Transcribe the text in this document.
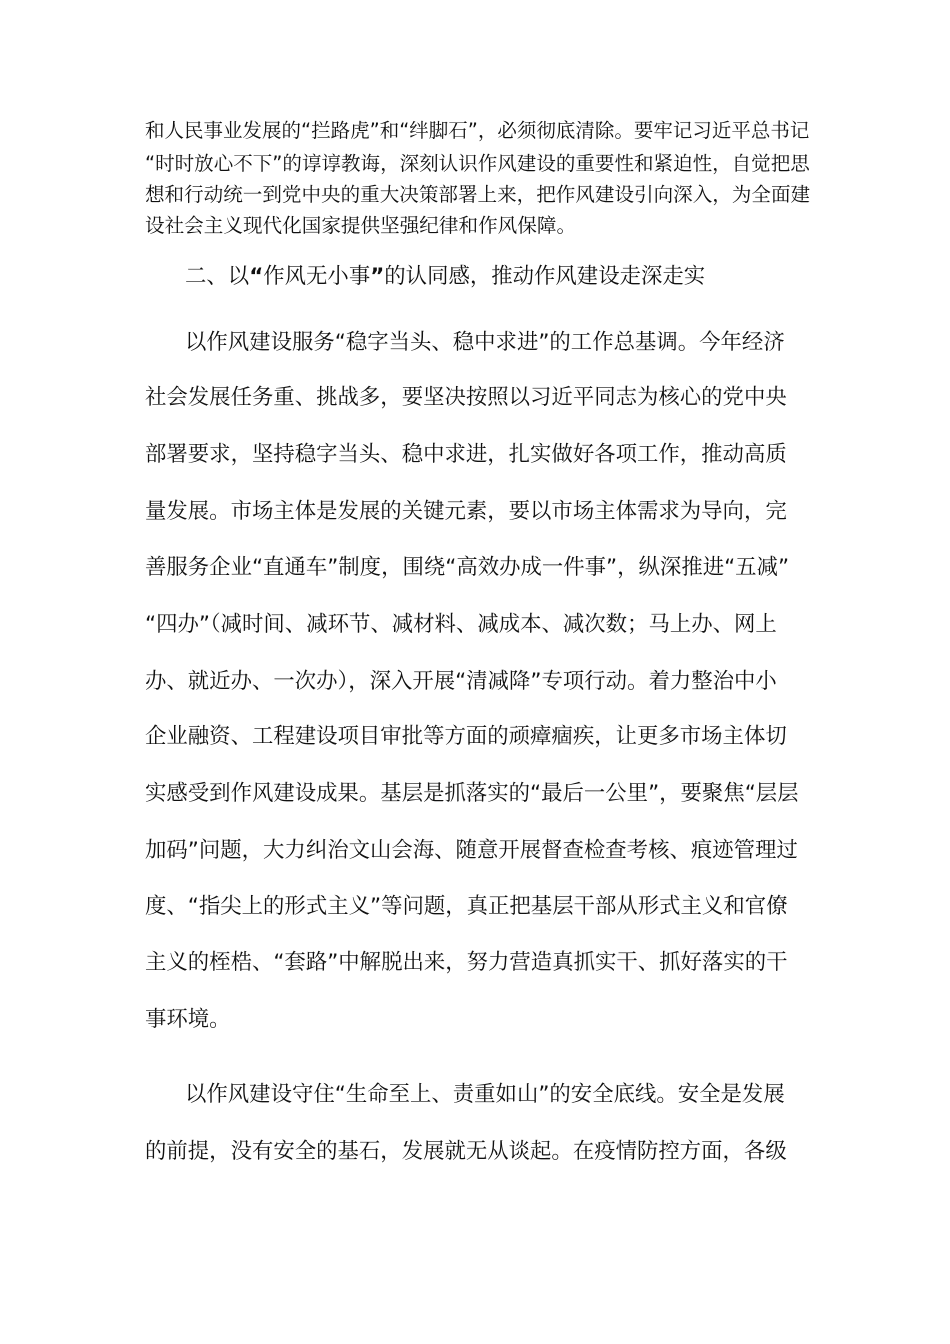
和人民事业发展的“拦路虎”和“绊脚石”，必须彻底清除。要牢记习近平总书记
“时时放心不下”的谆谆教诲，深刻认识作风建设的重要性和紧迫性，自觉把思
想和行动统一到党中央的重大决策部署上来，把作风建设引向深入，为全面建
设社会主义现代化国家提供坚强纪律和作风保障。
二、以“作风无小事”的认同感，推动作风建设走深走实
以作风建设服务“稳字当头、稳中求进”的工作总基调。今年经济
社会发展任务重、挑战多，要坚决按照以习近平同志为核心的党中央
部署要求，坚持稳字当头、稳中求进，扎实做好各项工作，推动高质
量发展。市场主体是发展的关键元素，要以市场主体需求为导向，完
善服务企业“直通车”制度，围绕“高效办成一件事”，纵深推进“五减”
“四办”（减时间、减环节、减材料、减成本、减次数；马上办、网上
办、就近办、一次办），深入开展“清减降”专项行动。着力整治中小
企业融资、工程建设项目审批等方面的顽瘴痼疾，让更多市场主体切
实感受到作风建设成果。基层是抓落实的“最后一公里”，要聚焦“层层
加码”问题，大力纠治文山会海、随意开展督查检查考核、痕迹管理过
度、“指尖上的形式主义”等问题，真正把基层干部从形式主义和官僚
主义的桎梏、“套路”中解脱出来，努力营造真抓实干、抓好落实的干
事环境。
以作风建设守住“生命至上、责重如山”的安全底线。安全是发展
的前提，没有安全的基石，发展就无从谈起。在疫情防控方面，各级
